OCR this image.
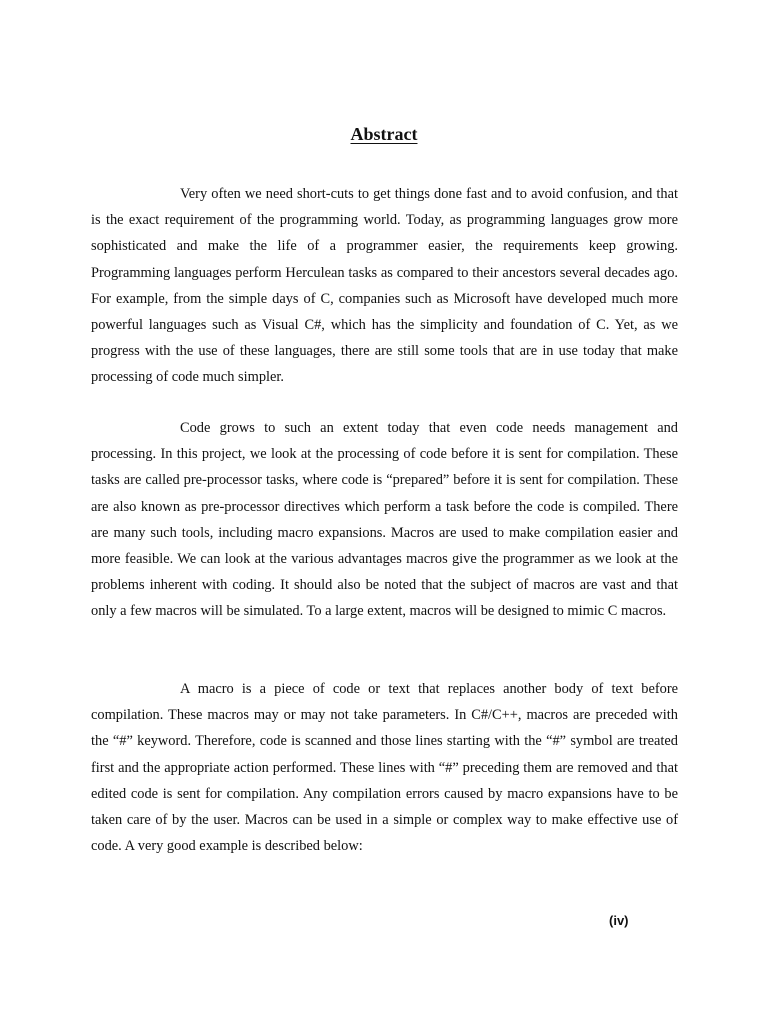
Abstract

Very often we need short-cuts to get things done fast and to avoid confusion, and that is the exact requirement of the programming world. Today, as programming languages grow more sophisticated and make the life of a programmer easier, the requirements keep growing. Programming languages perform Herculean tasks as compared to their ancestors several decades ago. For example, from the simple days of C, companies such as Microsoft have developed much more powerful languages such as Visual C#, which has the simplicity and foundation of C. Yet, as we progress with the use of these languages, there are still some tools that are in use today that make processing of code much simpler.

Code grows to such an extent today that even code needs management and processing. In this project, we look at the processing of code before it is sent for compilation. These tasks are called pre-processor tasks, where code is “prepared” before it is sent for compilation. These are also known as pre-processor directives which perform a task before the code is compiled. There are many such tools, including macro expansions. Macros are used to make compilation easier and more feasible. We can look at the various advantages macros give the programmer as we look at the problems inherent with coding. It should also be noted that the subject of macros are vast and that only a few macros will be simulated. To a large extent, macros will be designed to mimic C macros.

A macro is a piece of code or text that replaces another body of text before compilation. These macros may or may not take parameters. In C#/C++, macros are preceded with the “#” keyword. Therefore, code is scanned and those lines starting with the “#” symbol are treated first and the appropriate action performed. These lines with “#” preceding them are removed and that edited code is sent for compilation. Any compilation errors caused by macro expansions have to be taken care of by the user. Macros can be used in a simple or complex way to make effective use of code. A very good example is described below:

(iv)
